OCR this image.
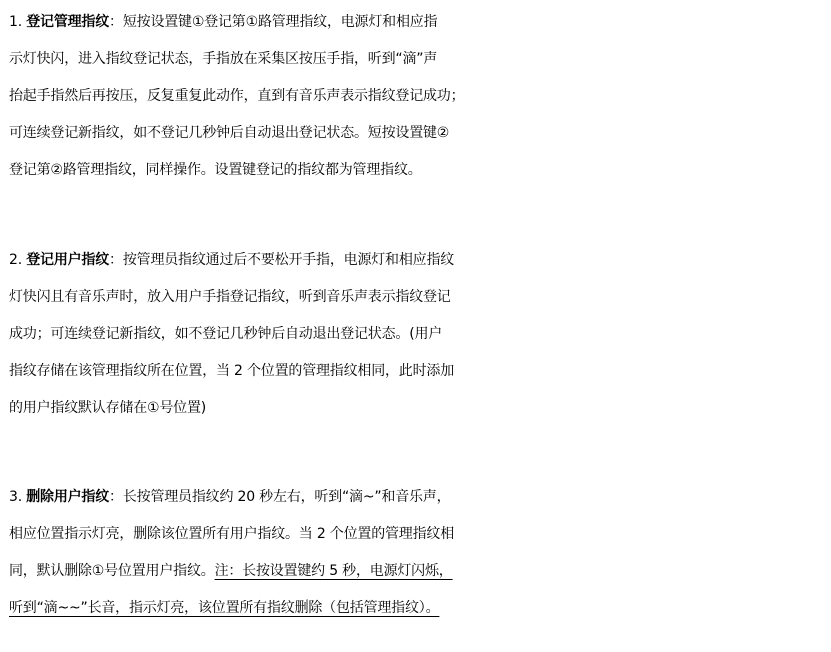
1. 登记管理指纹：短按设置键①登记第①路管理指纹，电源灯和相应指
示灯快闪，进入指纹登记状态，手指放在采集区按压手指，听到“滴”声
抬起手指然后再按压，反复重复此动作，直到有音乐声表示指纹登记成功；
可连续登记新指纹，如不登记几秒钟后自动退出登记状态。短按设置键②
登记第②路管理指纹，同样操作。设置键登记的指纹都为管理指纹。
2. 登记用户指纹：按管理员指纹通过后不要松开手指，电源灯和相应指纹
灯快闪且有音乐声时，放入用户手指登记指纹，听到音乐声表示指纹登记
成功；可连续登记新指纹，如不登记几秒钟后自动退出登记状态。(用户
指纹存储在该管理指纹所在位置，当 2 个位置的管理指纹相同，此时添加
的用户指纹默认存储在①号位置)
3. 删除用户指纹：长按管理员指纹约 20 秒左右，听到“滴~”和音乐声，
相应位置指示灯亮，删除该位置所有用户指纹。当 2 个位置的管理指纹相
同，默认删除①号位置用户指纹。注：长按设置键约 5 秒，电源灯闪烁，
听到“滴~~”长音，指示灯亮，该位置所有指纹删除（包括管理指纹）。
